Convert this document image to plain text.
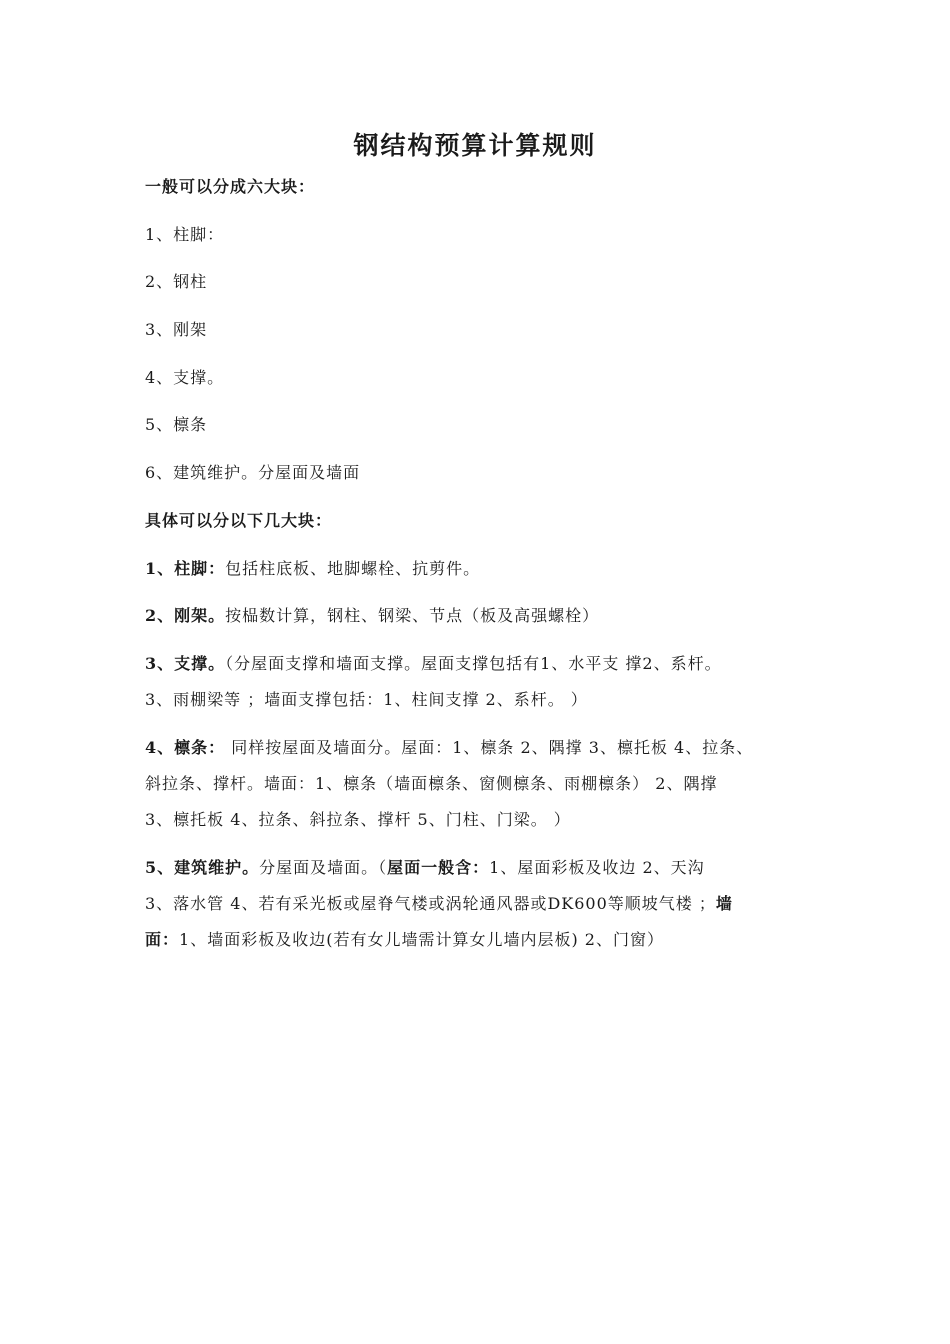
钢结构预算计算规则
一般可以分成六大块：
1、柱脚：
2、钢柱
3、刚架
4、支撑。
5、檩条
6、建筑维护。分屋面及墙面
具体可以分以下几大块：
1、柱脚：包括柱底板、地脚螺栓、抗剪件。
2、刚架。按榀数计算，钢柱、钢梁、节点（板及高强螺栓）
3、支撑。（分屋面支撑和墙面支撑。屋面支撑包括有1、水平支 撑2、系杆。
3、雨棚梁等 ；墙面支撑包括：1、柱间支撑 2、系杆。 ）
4、檩条： 同样按屋面及墙面分。屋面：1、檩条 2、隅撑 3、檩托板 4、拉条、
斜拉条、撑杆。墙面：1、檩条（墙面檩条、窗侧檩条、雨棚檩条） 2、隅撑
3、檩托板 4、拉条、斜拉条、撑杆 5、门柱、门梁。 ）
5、建筑维护。分屋面及墙面。（屋面一般含：1、屋面彩板及收边 2、天沟
3、落水管 4、若有采光板或屋脊气楼或涡轮通风器或DK600等顺坡气楼 ；墙
面：1、墙面彩板及收边(若有女儿墙需计算女儿墙内层板) 2、门窗）
